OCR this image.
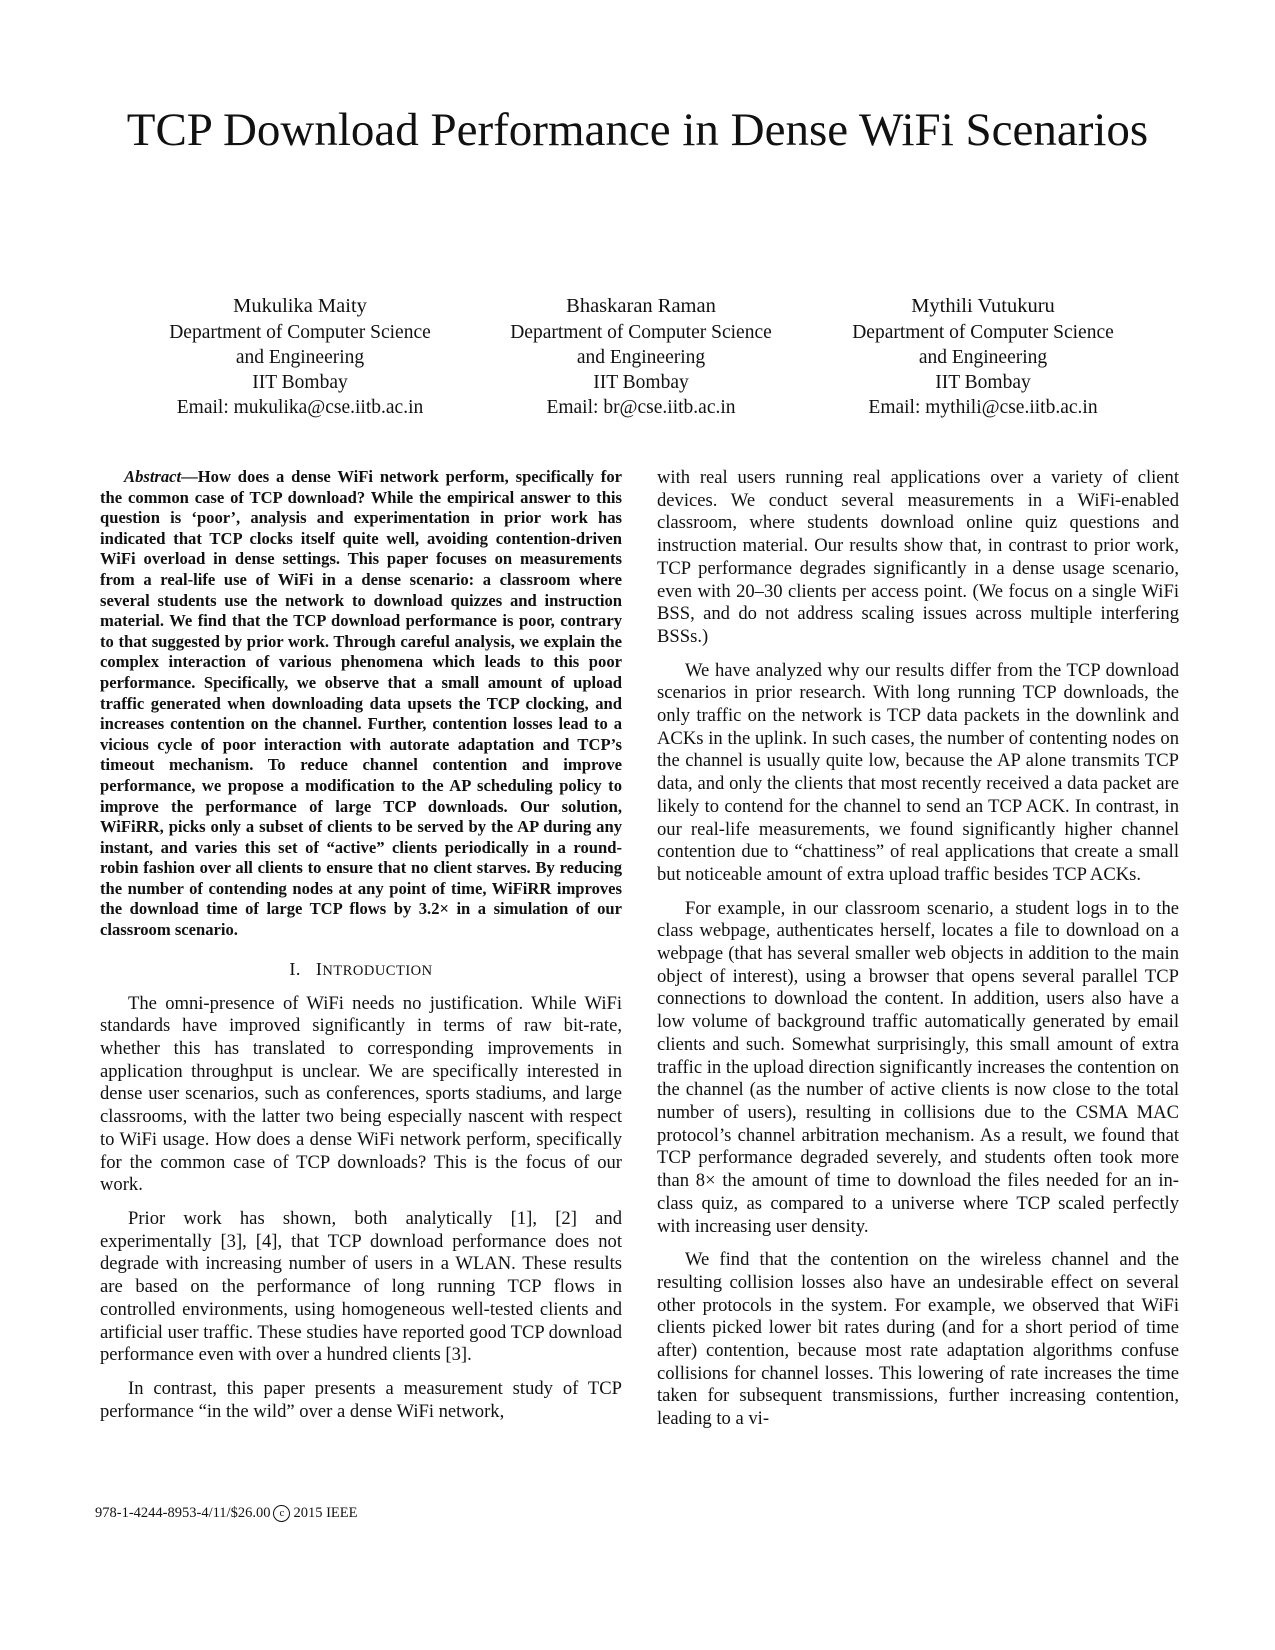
TCP Download Performance in Dense WiFi Scenarios
Mukulika Maity
Department of Computer Science
and Engineering
IIT Bombay
Email: mukulika@cse.iitb.ac.in
Bhaskaran Raman
Department of Computer Science
and Engineering
IIT Bombay
Email: br@cse.iitb.ac.in
Mythili Vutukuru
Department of Computer Science
and Engineering
IIT Bombay
Email: mythili@cse.iitb.ac.in

Abstract—How does a dense WiFi network perform, specifically for the common case of TCP download? While the empirical answer to this question is ‘poor’, analysis and experimentation in prior work has indicated that TCP clocks itself quite well, avoiding contention-driven WiFi overload in dense settings. This paper focuses on measurements from a real-life use of WiFi in a dense scenario: a classroom where several students use the network to download quizzes and instruction material. We find that the TCP download performance is poor, contrary to that suggested by prior work. Through careful analysis, we explain the complex interaction of various phenomena which leads to this poor performance. Specifically, we observe that a small amount of upload traffic generated when downloading data upsets the TCP clocking, and increases contention on the channel. Further, contention losses lead to a vicious cycle of poor interaction with autorate adaptation and TCP’s timeout mechanism. To reduce channel contention and improve performance, we propose a modification to the AP scheduling policy to improve the performance of large TCP downloads. Our solution, WiFiRR, picks only a subset of clients to be served by the AP during any instant, and varies this set of “active” clients periodically in a round-robin fashion over all clients to ensure that no client starves. By reducing the number of contending nodes at any point of time, WiFiRR improves the download time of large TCP flows by 3.2× in a simulation of our classroom scenario.

I. INTRODUCTION

The omni-presence of WiFi needs no justification. While WiFi standards have improved significantly in terms of raw bit-rate, whether this has translated to corresponding improvements in application throughput is unclear. We are specifically interested in dense user scenarios, such as conferences, sports stadiums, and large classrooms, with the latter two being especially nascent with respect to WiFi usage. How does a dense WiFi network perform, specifically for the common case of TCP downloads? This is the focus of our work.

Prior work has shown, both analytically [1], [2] and experimentally [3], [4], that TCP download performance does not degrade with increasing number of users in a WLAN. These results are based on the performance of long running TCP flows in controlled environments, using homogeneous well-tested clients and artificial user traffic. These studies have reported good TCP download performance even with over a hundred clients [3].

In contrast, this paper presents a measurement study of TCP performance “in the wild” over a dense WiFi network,

with real users running real applications over a variety of client devices. We conduct several measurements in a WiFi-enabled classroom, where students download online quiz questions and instruction material. Our results show that, in contrast to prior work, TCP performance degrades significantly in a dense usage scenario, even with 20–30 clients per access point. (We focus on a single WiFi BSS, and do not address scaling issues across multiple interfering BSSs.)

We have analyzed why our results differ from the TCP download scenarios in prior research. With long running TCP downloads, the only traffic on the network is TCP data packets in the downlink and ACKs in the uplink. In such cases, the number of contenting nodes on the channel is usually quite low, because the AP alone transmits TCP data, and only the clients that most recently received a data packet are likely to contend for the channel to send an TCP ACK. In contrast, in our real-life measurements, we found significantly higher channel contention due to “chattiness” of real applications that create a small but noticeable amount of extra upload traffic besides TCP ACKs.

For example, in our classroom scenario, a student logs in to the class webpage, authenticates herself, locates a file to download on a webpage (that has several smaller web objects in addition to the main object of interest), using a browser that opens several parallel TCP connections to download the content. In addition, users also have a low volume of background traffic automatically generated by email clients and such. Somewhat surprisingly, this small amount of extra traffic in the upload direction significantly increases the contention on the channel (as the number of active clients is now close to the total number of users), resulting in collisions due to the CSMA MAC protocol’s channel arbitration mechanism. As a result, we found that TCP performance degraded severely, and students often took more than 8× the amount of time to download the files needed for an in-class quiz, as compared to a universe where TCP scaled perfectly with increasing user density.

We find that the contention on the wireless channel and the resulting collision losses also have an undesirable effect on several other protocols in the system. For example, we observed that WiFi clients picked lower bit rates during (and for a short period of time after) contention, because most rate adaptation algorithms confuse collisions for channel losses. This lowering of rate increases the time taken for subsequent transmissions, further increasing contention, leading to a vi-

978-1-4244-8953-4/11/$26.00 c 2015 IEEE
